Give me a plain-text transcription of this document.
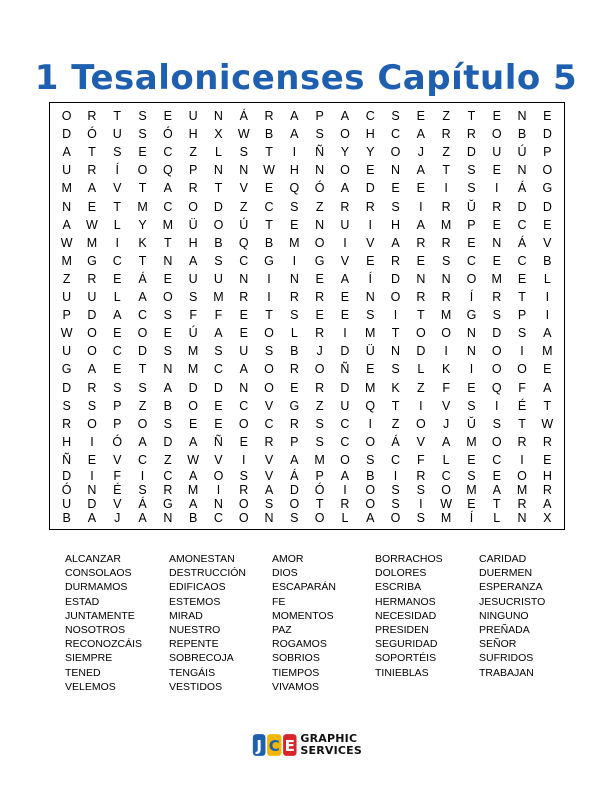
1 Tesalonicenses Capítulo 5
O	R	T	S	E	U	N	Á	R	A	P	A	C	S	E	Z	T	E	N	E
D	Ó	U	S	Ó	H	X	W	B	A	S	O	H	C	A	R	R	O	B	D
A	T	S	E	C	Z	L	S	T	I	Ñ	Y	Y	O	J	Z	D	U	Ú	P
U	R	Í	O	Q	P	N	N	W	H	N	O	E	N	A	T	S	E	N	O
M	A	V	T	A	R	T	V	E	Q	Ó	A	D	E	E	I	S	I	Á	G
N	E	T	M	C	O	D	Z	C	S	Z	R	R	S	I	R	Ŭ	R	D	D
A	W	L	Y	M	Ü	O	Ú	T	E	N	U	I	H	A	M	P	E	C	E
W	M	I	K	T	H	B	Q	B	M	O	I	V	A	R	R	E	N	Á	V
M	G	C	T	N	A	S	C	G	I	G	V	E	R	E	S	C	E	C	B
Z	R	E	Á	E	U	U	N	I	N	E	A	Í	D	N	N	O	M	E	L
U	U	L	A	O	S	M	R	I	R	R	E	N	O	R	R	Í	R	T	I
P	D	A	C	S	F	F	E	T	S	E	E	S	I	T	M	G	S	P	I
W	O	E	O	E	Ú	A	E	O	L	R	I	M	T	O	O	N	D	S	A
U	O	C	D	S	M	S	U	S	B	J	D	Ü	N	D	I	N	O	I	M
G	A	E	T	N	M	C	A	O	R	O	Ñ	E	S	L	K	I	O	O	E
D	R	S	S	A	D	D	N	O	E	R	D	M	K	Z	F	E	Q	F	A
S	S	P	Z	B	O	E	C	V	G	Z	U	Q	T	I	V	S	I	É	T
R	O	P	O	S	E	E	O	C	R	S	C	I	Z	O	J	Ŭ	S	T	W
H	I	Ó	A	D	A	Ñ	E	R	P	S	C	O	Á	V	A	M	O	R	R
Ñ	E	V	C	Z	W	V	I	V	A	M	O	S	C	F	L	E	C	I	E
D	I	F	I	C	A	O	S	V	Á	P	A	B	I	R	C	S	E	O	H
Ó	N	É	S	R	M	I	R	A	D	Ó	I	O	S	S	O	M	A	M	R
U	D	V	Á	G	A	N	O	S	O	T	R	O	S	I	W	E	T	R	A
B	A	J	A	N	B	C	O	N	S	O	L	A	O	S	M	Í	L	N	X
ALCANZAR
CONSOLAOS
DURMAMOS
ESTAD
JUNTAMENTE
NOSOTROS
RECONOZCÁIS
SIEMPRE
TENED
VELEMOS
AMONESTAN
DESTRUCCIÓN
EDIFICAOS
ESTEMOS
MIRAD
NUESTRO
REPENTE
SOBRECOJA
TENGÁIS
VESTIDOS
AMOR
DIOS
ESCAPARÁN
FE
MOMENTOS
PAZ
ROGAMOS
SOBRIOS
TIEMPOS
VIVAMOS
BORRACHOS
DOLORES
ESCRIBA
HERMANOS
NECESIDAD
PRESIDEN
SEGURIDAD
SOPORTÉIS
TINIEBLAS
CARIDAD
DUERMEN
ESPERANZA
JESUCRISTO
NINGUNO
PREÑADA
SEÑOR
SUFRIDOS
TRABAJAN
J C E GRAPHIC
SERVICES
